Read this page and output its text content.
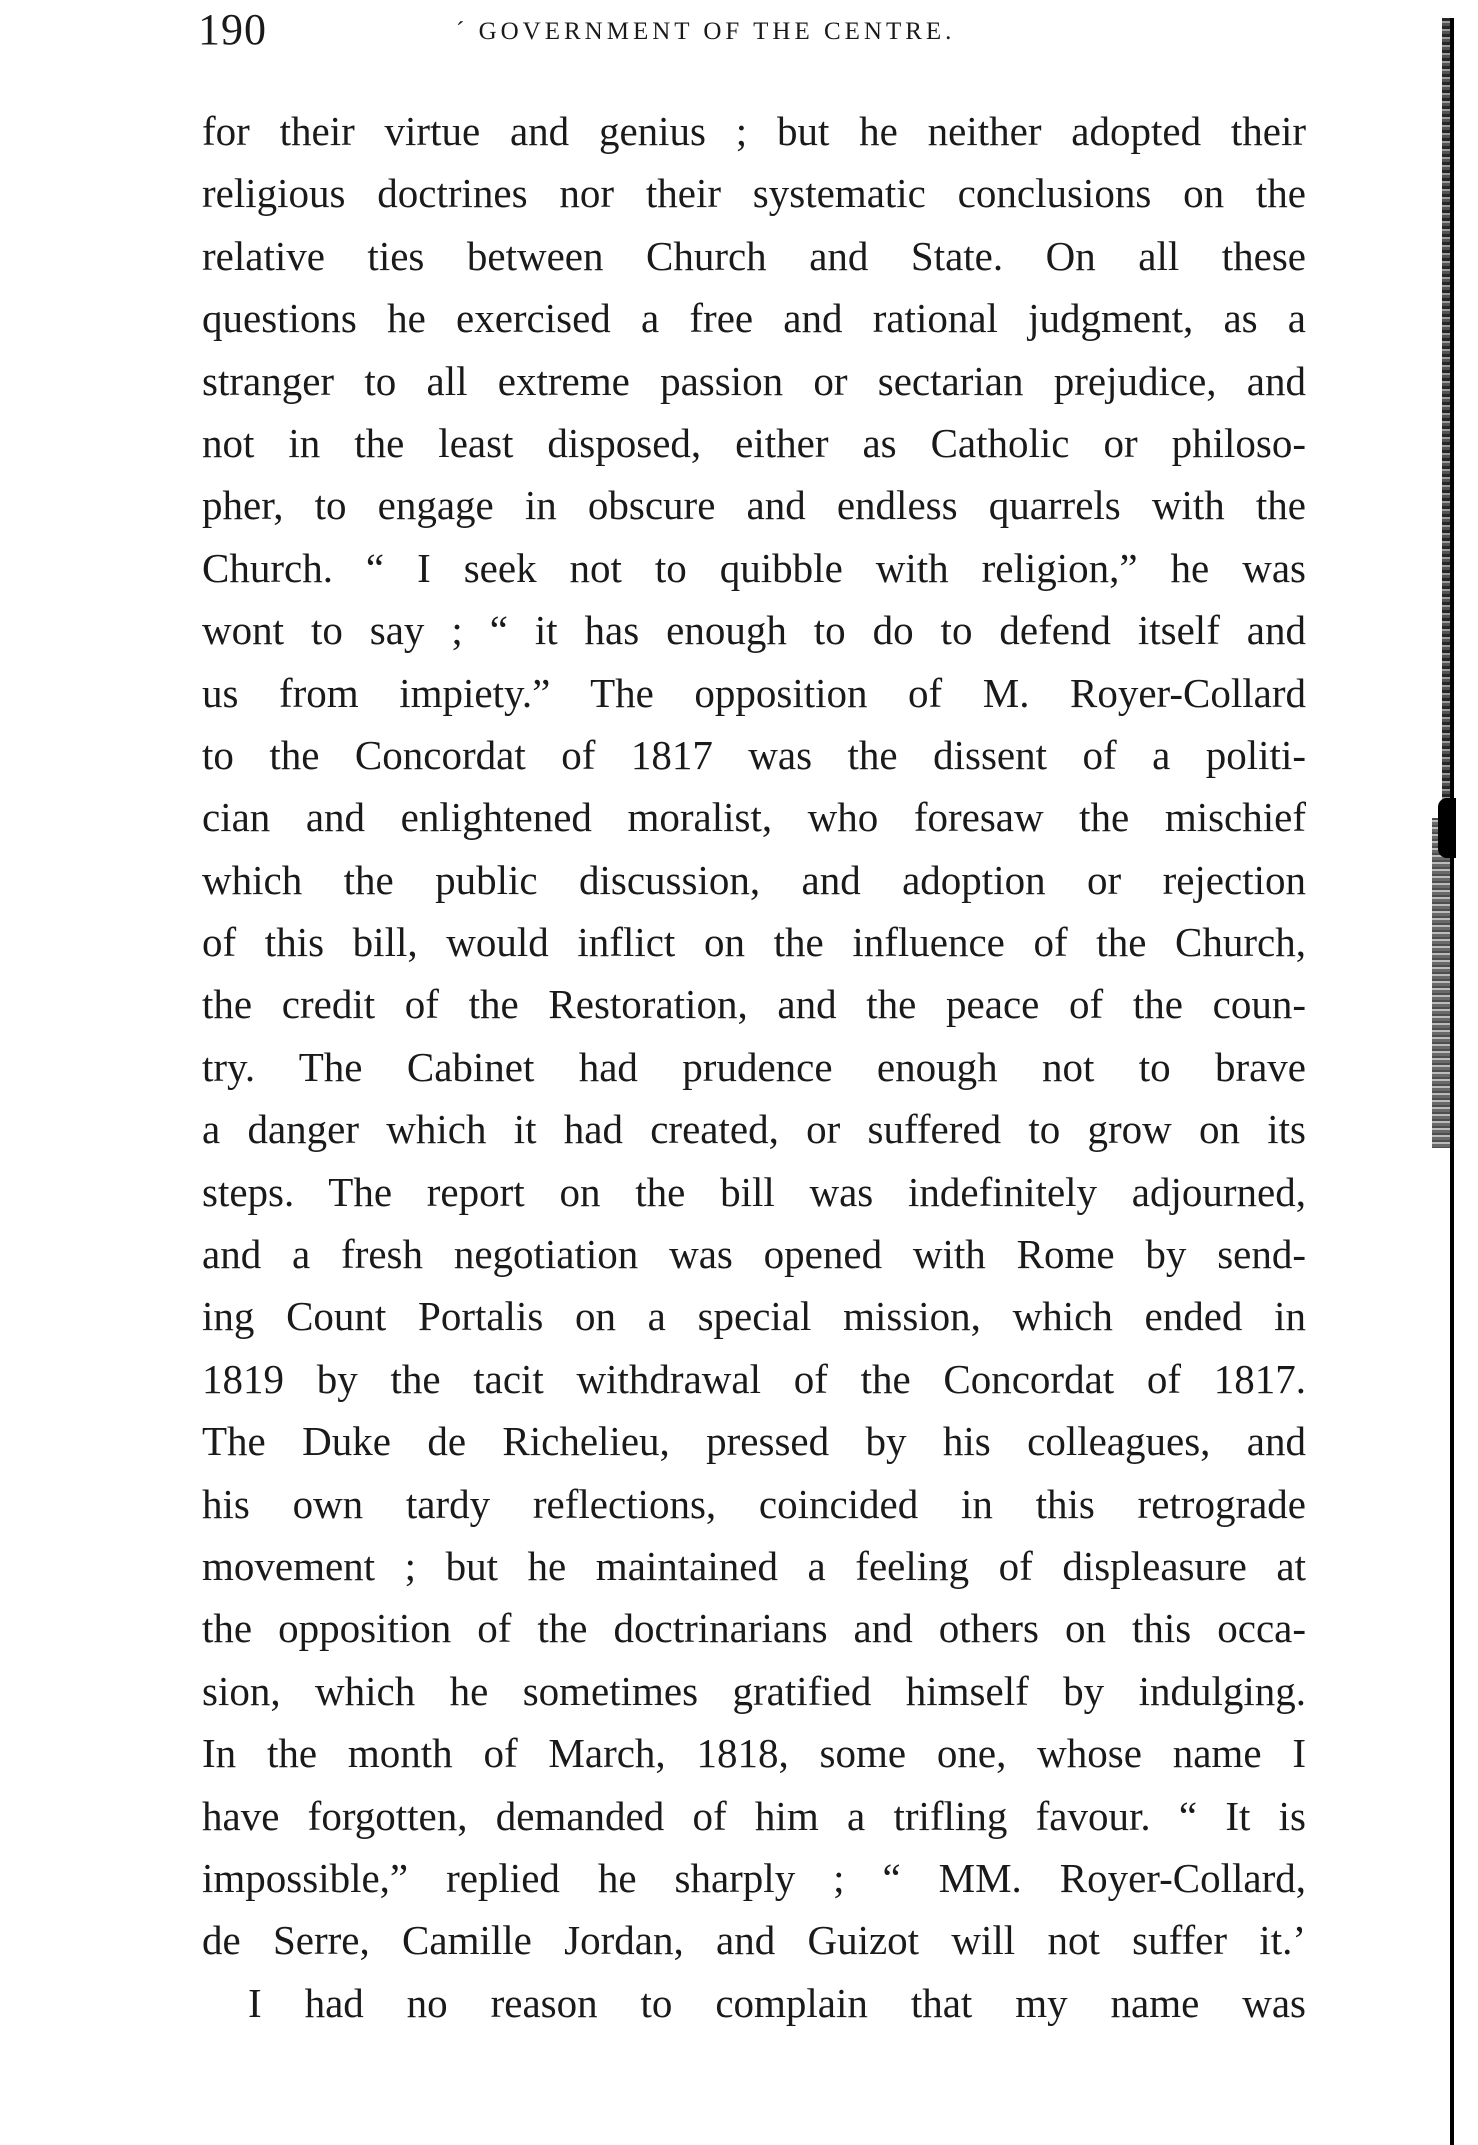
190	´ GOVERNMENT OF THE CENTRE.
for their virtue and genius ; but he neither adopted their
religious doctrines nor their systematic conclusions on the
relative ties between Church and State. On all these
questions he exercised a free and rational judgment, as a
stranger to all extreme passion or sectarian prejudice, and
not in the least disposed, either as Catholic or philoso-
pher, to engage in obscure and endless quarrels with the
Church. “ I seek not to quibble with religion,” he was
wont to say ; “ it has enough to do to defend itself and
us from impiety.” The opposition of M. Royer-Collard
to the Concordat of 1817 was the dissent of a politi-
cian and enlightened moralist, who foresaw the mischief
which the public discussion, and adoption or rejection
of this bill, would inflict on the influence of the Church,
the credit of the Restoration, and the peace of the coun-
try. The Cabinet had prudence enough not to brave
a danger which it had created, or suffered to grow on its
steps. The report on the bill was indefinitely adjourned,
and a fresh negotiation was opened with Rome by send-
ing Count Portalis on a special mission, which ended in
1819 by the tacit withdrawal of the Concordat of 1817.
The Duke de Richelieu, pressed by his colleagues, and
his own tardy reflections, coincided in this retrograde
movement ; but he maintained a feeling of displeasure at
the opposition of the doctrinarians and others on this occa-
sion, which he sometimes gratified himself by indulging.
In the month of March, 1818, some one, whose name I
have forgotten, demanded of him a trifling favour. “ It is
impossible,” replied he sharply ; “ MM. Royer-Collard,
de Serre, Camille Jordan, and Guizot will not suffer it.’
I had no reason to complain that my name was
